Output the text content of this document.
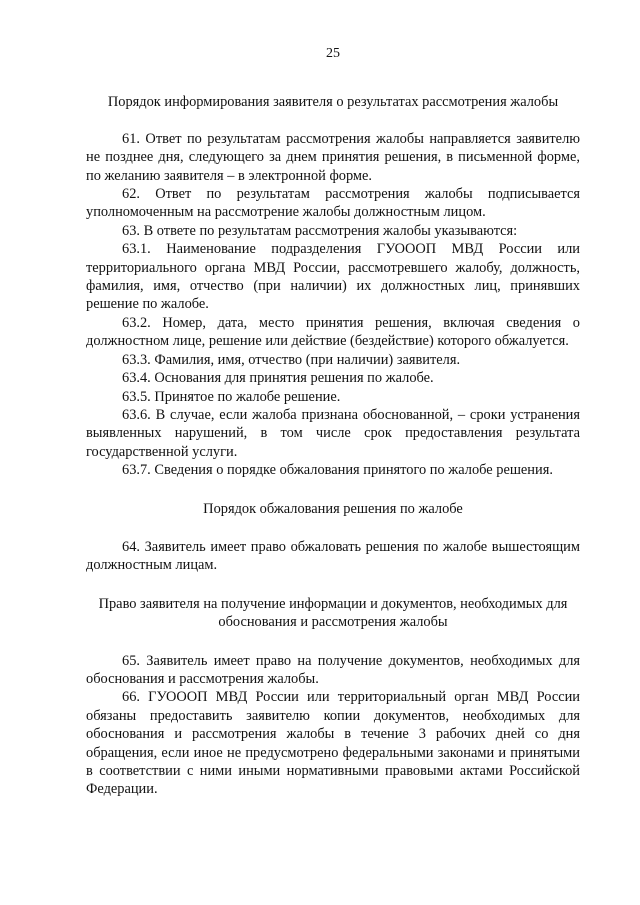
25
Порядок информирования заявителя о результатах рассмотрения жалобы

61. Ответ по результатам рассмотрения жалобы направляется заявителю не позднее дня, следующего за днем принятия решения, в письменной форме, по желанию заявителя – в электронной форме.

62. Ответ по результатам рассмотрения жалобы подписывается уполномоченным на рассмотрение жалобы должностным лицом.

63. В ответе по результатам рассмотрения жалобы указываются:

63.1. Наименование подразделения ГУОООП МВД России или территориального органа МВД России, рассмотревшего жалобу, должность, фамилия, имя, отчество (при наличии) их должностных лиц, принявших решение по жалобе.

63.2. Номер, дата, место принятия решения, включая сведения о должностном лице, решение или действие (бездействие) которого обжалуется.

63.3. Фамилия, имя, отчество (при наличии) заявителя.

63.4. Основания для принятия решения по жалобе.

63.5. Принятое по жалобе решение.

63.6. В случае, если жалоба признана обоснованной, – сроки устранения выявленных нарушений, в том числе срок предоставления результата государственной услуги.

63.7. Сведения о порядке обжалования принятого по жалобе решения.

Порядок обжалования решения по жалобе

64. Заявитель имеет право обжаловать решения по жалобе вышестоящим должностным лицам.

Право заявителя на получение информации и документов, необходимых для обоснования и рассмотрения жалобы

65. Заявитель имеет право на получение документов, необходимых для обоснования и рассмотрения жалобы.

66. ГУОООП МВД России или территориальный орган МВД России обязаны предоставить заявителю копии документов, необходимых для обоснования и рассмотрения жалобы в течение 3 рабочих дней со дня обращения, если иное не предусмотрено федеральными законами и принятыми в соответствии с ними иными нормативными правовыми актами Российской Федерации.
